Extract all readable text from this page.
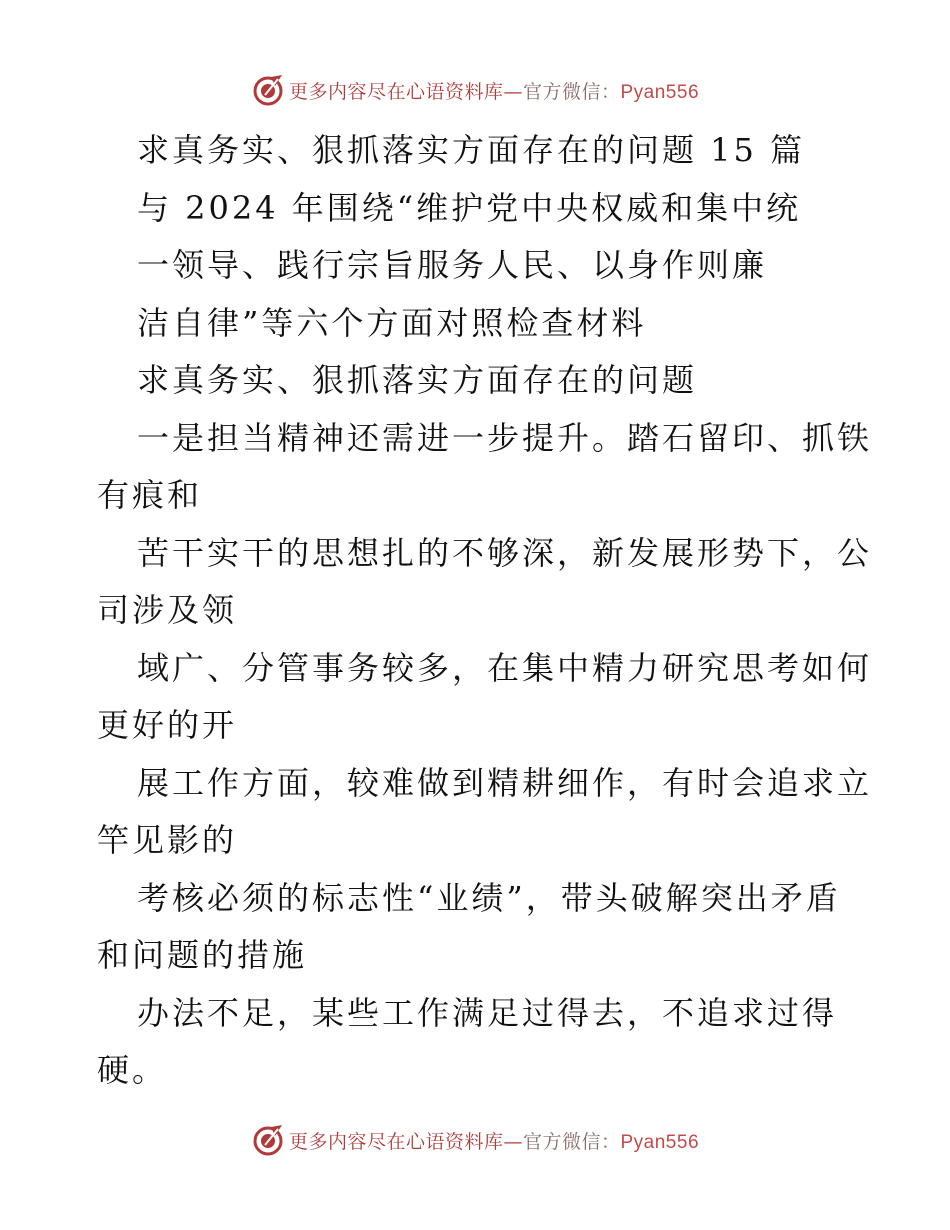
更多内容尽在心语资料库—官方微信：Pyan556
求真务实、狠抓落实方面存在的问题 15 篇
与 2024 年围绕“维护党中央权威和集中统
一领导、践行宗旨服务人民、以身作则廉
洁自律”等六个方面对照检查材料
求真务实、狠抓落实方面存在的问题
一是担当精神还需进一步提升。踏石留印、抓铁
有痕和
苦干实干的思想扎的不够深，新发展形势下，公
司涉及领
域广、分管事务较多，在集中精力研究思考如何
更好的开
展工作方面，较难做到精耕细作，有时会追求立
竿见影的
考核必须的标志性“业绩”，带头破解突出矛盾
和问题的措施
办法不足，某些工作满足过得去，不追求过得
硬。
更多内容尽在心语资料库—官方微信：Pyan556
